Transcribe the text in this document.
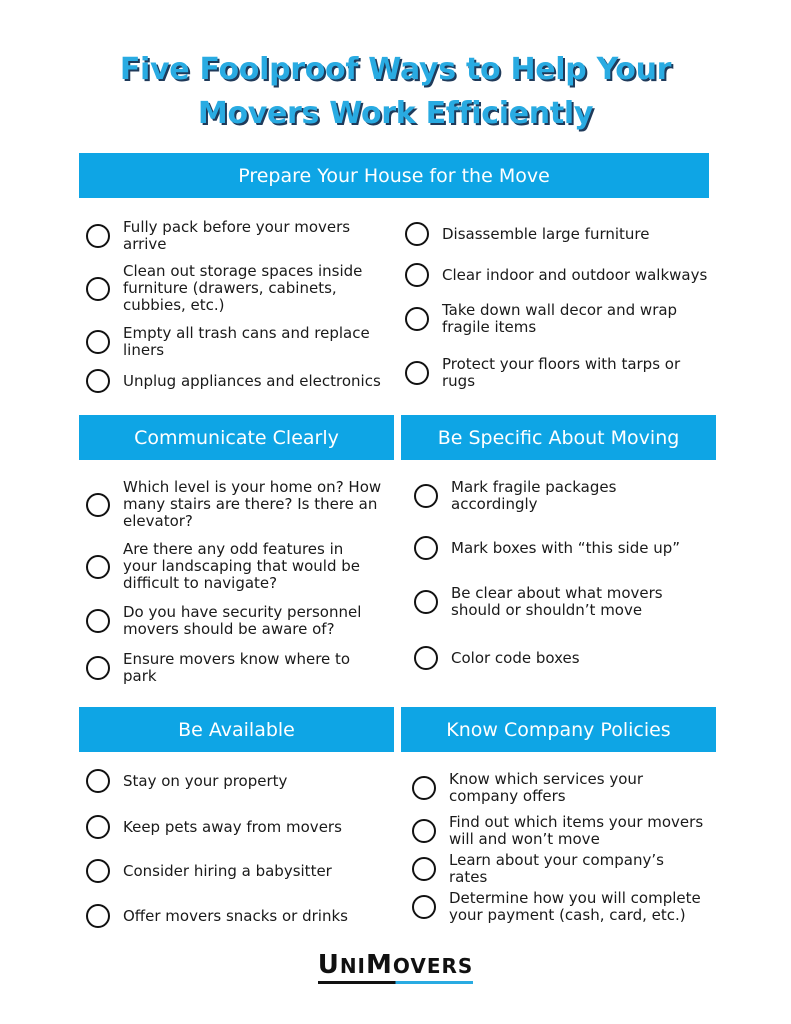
Five Foolproof Ways to Help Your
Movers Work Efficiently
Prepare Your House for the Move
Fully pack before your movers arrive
Clean out storage spaces inside furniture (drawers, cabinets, cubbies, etc.)
Empty all trash cans and replace liners
Unplug appliances and electronics
Disassemble large furniture
Clear indoor and outdoor walkways
Take down wall decor and wrap fragile items
Protect your floors with tarps or rugs
Communicate Clearly
Which level is your home on? How many stairs are there? Is there an elevator?
Are there any odd features in your landscaping that would be difficult to navigate?
Do you have security personnel movers should be aware of?
Ensure movers know where to park
Be Specific About Moving
Mark fragile packages accordingly
Mark boxes with “this side up”
Be clear about what movers should or shouldn’t move
Color code boxes
Be Available
Stay on your property
Keep pets away from movers
Consider hiring a babysitter
Offer movers snacks or drinks
Know Company Policies
Know which services your company offers
Find out which items your movers will and won’t move
Learn about your company’s rates
Determine how you will complete your payment (cash, card, etc.)
UNIMOVERS
